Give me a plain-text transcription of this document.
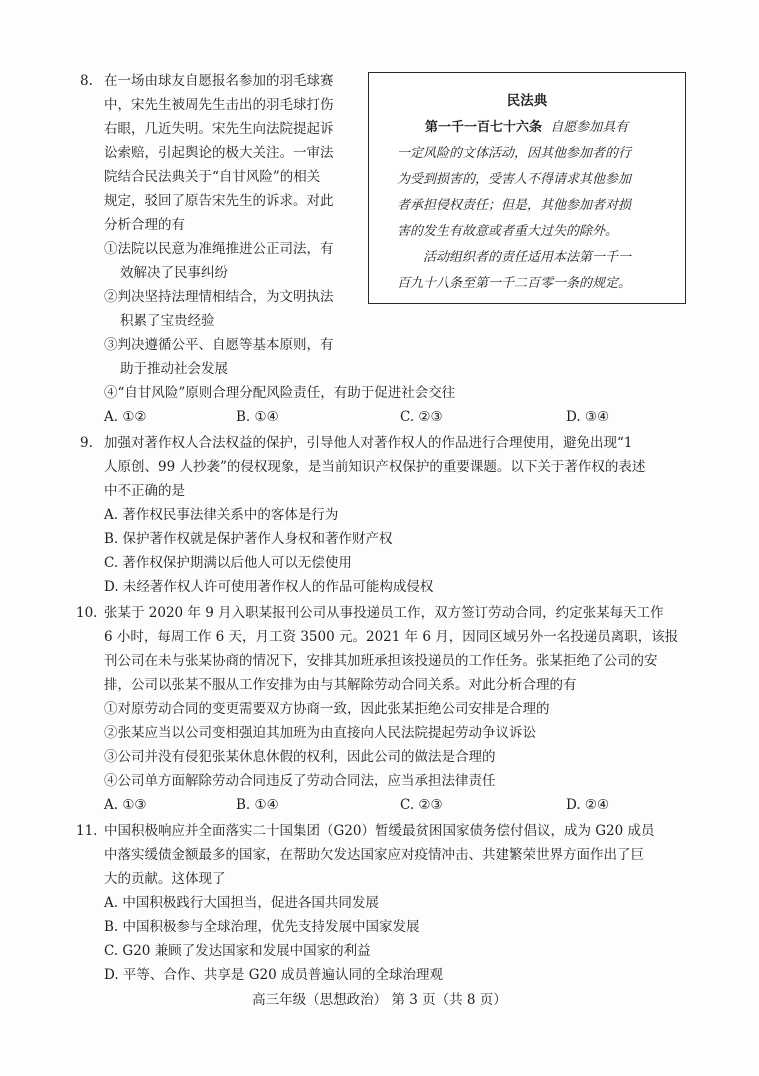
8. 在一场由球友自愿报名参加的羽毛球赛
中，宋先生被周先生击出的羽毛球打伤
右眼，几近失明。宋先生向法院提起诉
讼索赔，引起舆论的极大关注。一审法
院结合民法典关于“自甘风险”的相关
规定，驳回了原告宋先生的诉求。对此
分析合理的有
①法院以民意为准绳推进公正司法，有
效解决了民事纠纷
②判决坚持法理情相结合，为文明执法
积累了宝贵经验
③判决遵循公平、自愿等基本原则，有
助于推动社会发展
④“自甘风险”原则合理分配风险责任，有助于促进社会交往
A. ①②	B. ①④	C. ②③	D. ③④
民法典
第一千一百七十六条 自愿参加具有
一定风险的文体活动，因其他参加者的行
为受到损害的，受害人不得请求其他参加
者承担侵权责任；但是，其他参加者对损
害的发生有故意或者重大过失的除外。
活动组织者的责任适用本法第一千一
百九十八条至第一千二百零一条的规定。
9. 加强对著作权人合法权益的保护，引导他人对著作权人的作品进行合理使用，避免出现“1
人原创、99 人抄袭”的侵权现象，是当前知识产权保护的重要课题。以下关于著作权的表述
中不正确的是
A. 著作权民事法律关系中的客体是行为
B. 保护著作权就是保护著作人身权和著作财产权
C. 著作权保护期满以后他人可以无偿使用
D. 未经著作权人许可使用著作权人的作品可能构成侵权
10. 张某于 2020 年 9 月入职某报刊公司从事投递员工作，双方签订劳动合同，约定张某每天工作
6 小时，每周工作 6 天，月工资 3500 元。2021 年 6 月，因同区域另外一名投递员离职，该报
刊公司在未与张某协商的情况下，安排其加班承担该投递员的工作任务。张某拒绝了公司的安
排，公司以张某不服从工作安排为由与其解除劳动合同关系。对此分析合理的有
①对原劳动合同的变更需要双方协商一致，因此张某拒绝公司安排是合理的
②张某应当以公司变相强迫其加班为由直接向人民法院提起劳动争议诉讼
③公司并没有侵犯张某休息休假的权利，因此公司的做法是合理的
④公司单方面解除劳动合同违反了劳动合同法，应当承担法律责任
A. ①③	B. ①④	C. ②③	D. ②④
11. 中国积极响应并全面落实二十国集团（G20）暂缓最贫困国家债务偿付倡议，成为 G20 成员
中落实缓债金额最多的国家，在帮助欠发达国家应对疫情冲击、共建繁荣世界方面作出了巨
大的贡献。这体现了
A. 中国积极践行大国担当，促进各国共同发展
B. 中国积极参与全球治理，优先支持发展中国家发展
C. G20 兼顾了发达国家和发展中国家的利益
D. 平等、合作、共享是 G20 成员普遍认同的全球治理观
高三年级（思想政治） 第 3 页（共 8 页）
